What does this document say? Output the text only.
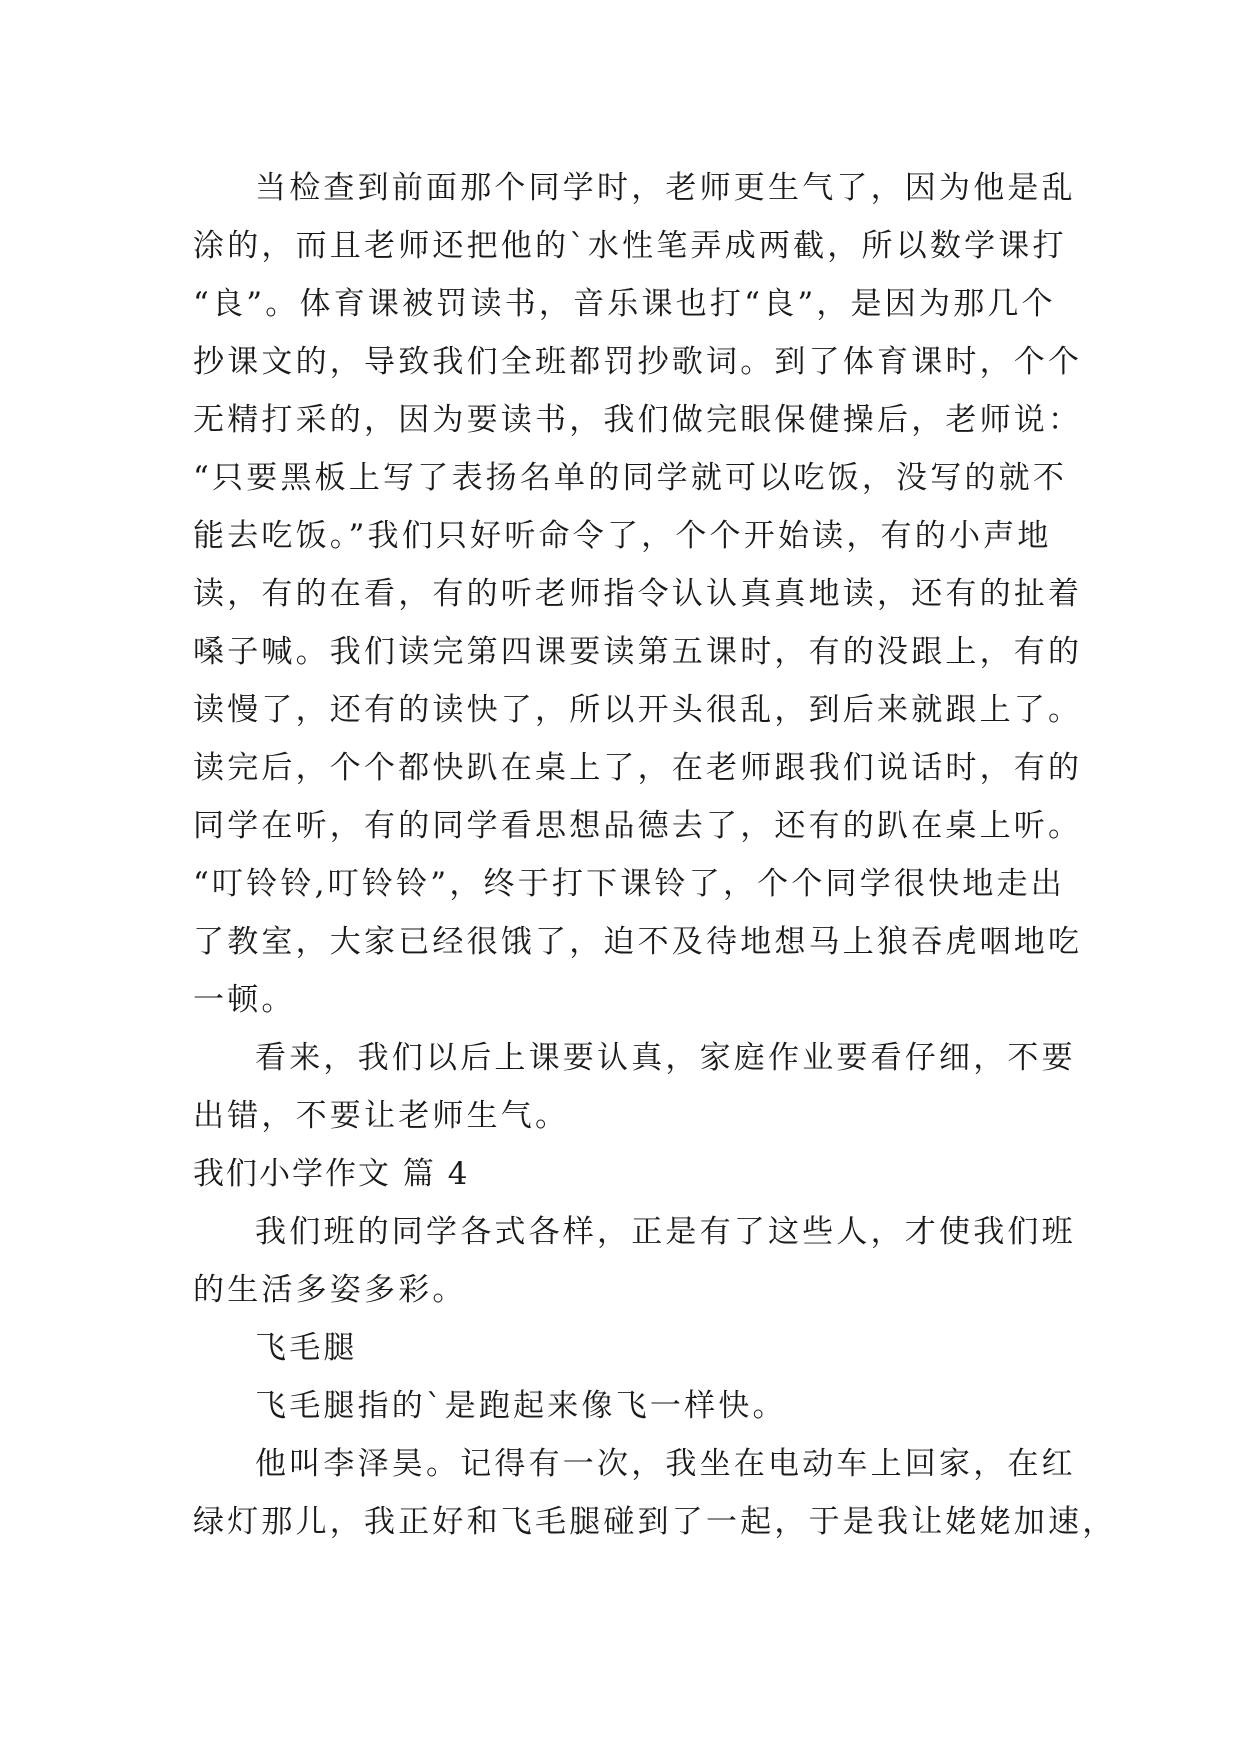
当检查到前面那个同学时，老师更生气了，因为他是乱
涂的，而且老师还把他的`水性笔弄成两截，所以数学课打
“良”。体育课被罚读书，音乐课也打“良”，是因为那几个
抄课文的，导致我们全班都罚抄歌词。到了体育课时，个个
无精打采的，因为要读书，我们做完眼保健操后，老师说：
“只要黑板上写了表扬名单的同学就可以吃饭，没写的就不
能去吃饭。”我们只好听命令了，个个开始读，有的小声地
读，有的在看，有的听老师指令认认真真地读，还有的扯着
嗓子喊。我们读完第四课要读第五课时，有的没跟上，有的
读慢了，还有的读快了，所以开头很乱，到后来就跟上了。
读完后，个个都快趴在桌上了，在老师跟我们说话时，有的
同学在听，有的同学看思想品德去了，还有的趴在桌上听。
“叮铃铃,叮铃铃”，终于打下课铃了，个个同学很快地走出
了教室，大家已经很饿了，迫不及待地想马上狼吞虎咽地吃
一顿。
看来，我们以后上课要认真，家庭作业要看仔细，不要
出错，不要让老师生气。
我们小学作文 篇 4
我们班的同学各式各样，正是有了这些人，才使我们班
的生活多姿多彩。
飞毛腿
飞毛腿指的`是跑起来像飞一样快。
他叫李泽昊。记得有一次，我坐在电动车上回家，在红
绿灯那儿，我正好和飞毛腿碰到了一起，于是我让姥姥加速，
